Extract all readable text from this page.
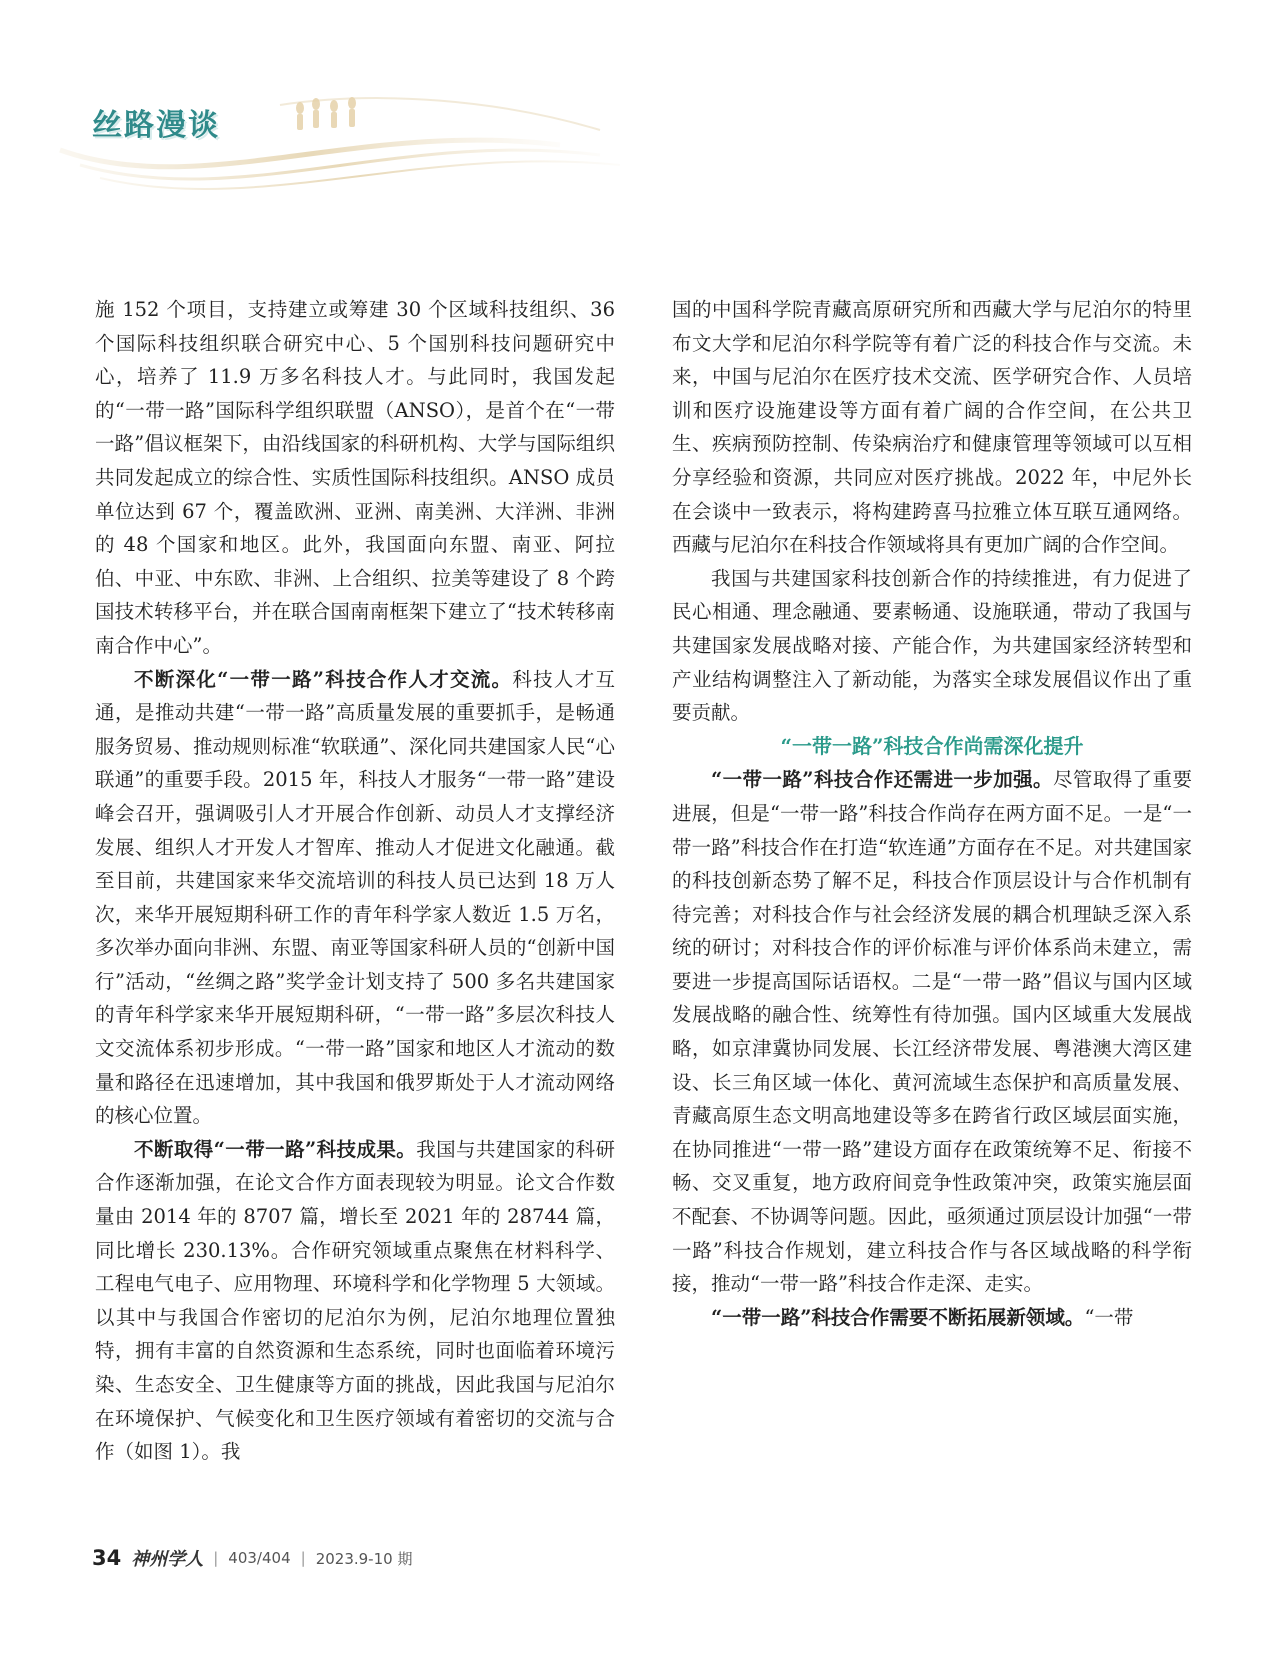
丝路漫谈

施 152 个项目，支持建立或筹建 30 个区域科技组织、36 个国际科技组织联合研究中心、5 个国别科技问题研究中心，培养了 11.9 万多名科技人才。与此同时，我国发起的“一带一路”国际科学组织联盟（ANSO），是首个在“一带一路”倡议框架下，由沿线国家的科研机构、大学与国际组织共同发起成立的综合性、实质性国际科技组织。ANSO 成员单位达到 67 个，覆盖欧洲、亚洲、南美洲、大洋洲、非洲的 48 个国家和地区。此外，我国面向东盟、南亚、阿拉伯、中亚、中东欧、非洲、上合组织、拉美等建设了 8 个跨国技术转移平台，并在联合国南南框架下建立了“技术转移南南合作中心”。

不断深化“一带一路”科技合作人才交流。科技人才互通，是推动共建“一带一路”高质量发展的重要抓手，是畅通服务贸易、推动规则标准“软联通”、深化同共建国家人民“心联通”的重要手段。2015 年，科技人才服务“一带一路”建设峰会召开，强调吸引人才开展合作创新、动员人才支撑经济发展、组织人才开发人才智库、推动人才促进文化融通。截至目前，共建国家来华交流培训的科技人员已达到 18 万人次，来华开展短期科研工作的青年科学家人数近 1.5 万名，多次举办面向非洲、东盟、南亚等国家科研人员的“创新中国行”活动，“丝绸之路”奖学金计划支持了 500 多名共建国家的青年科学家来华开展短期科研，“一带一路”多层次科技人文交流体系初步形成。“一带一路”国家和地区人才流动的数量和路径在迅速增加，其中我国和俄罗斯处于人才流动网络的核心位置。

不断取得“一带一路”科技成果。我国与共建国家的科研合作逐渐加强，在论文合作方面表现较为明显。论文合作数量由 2014 年的 8707 篇，增长至 2021 年的 28744 篇，同比增长 230.13%。合作研究领域重点聚焦在材料科学、工程电气电子、应用物理、环境科学和化学物理 5 大领域。以其中与我国合作密切的尼泊尔为例，尼泊尔地理位置独特，拥有丰富的自然资源和生态系统，同时也面临着环境污染、生态安全、卫生健康等方面的挑战，因此我国与尼泊尔在环境保护、气候变化和卫生医疗领域有着密切的交流与合作（如图 1）。我

国的中国科学院青藏高原研究所和西藏大学与尼泊尔的特里布文大学和尼泊尔科学院等有着广泛的科技合作与交流。未来，中国与尼泊尔在医疗技术交流、医学研究合作、人员培训和医疗设施建设等方面有着广阔的合作空间，在公共卫生、疾病预防控制、传染病治疗和健康管理等领域可以互相分享经验和资源，共同应对医疗挑战。2022 年，中尼外长在会谈中一致表示，将构建跨喜马拉雅立体互联互通网络。西藏与尼泊尔在科技合作领域将具有更加广阔的合作空间。

我国与共建国家科技创新合作的持续推进，有力促进了民心相通、理念融通、要素畅通、设施联通，带动了我国与共建国家发展战略对接、产能合作，为共建国家经济转型和产业结构调整注入了新动能，为落实全球发展倡议作出了重要贡献。

“一带一路”科技合作尚需深化提升

“一带一路”科技合作还需进一步加强。尽管取得了重要进展，但是“一带一路”科技合作尚存在两方面不足。一是“一带一路”科技合作在打造“软连通”方面存在不足。对共建国家的科技创新态势了解不足，科技合作顶层设计与合作机制有待完善；对科技合作与社会经济发展的耦合机理缺乏深入系统的研讨；对科技合作的评价标准与评价体系尚未建立，需要进一步提高国际话语权。二是“一带一路”倡议与国内区域发展战略的融合性、统筹性有待加强。国内区域重大发展战略，如京津冀协同发展、长江经济带发展、粤港澳大湾区建设、长三角区域一体化、黄河流域生态保护和高质量发展、青藏高原生态文明高地建设等多在跨省行政区域层面实施，在协同推进“一带一路”建设方面存在政策统筹不足、衔接不畅、交叉重复，地方政府间竞争性政策冲突，政策实施层面不配套、不协调等问题。因此，亟须通过顶层设计加强“一带一路”科技合作规划，建立科技合作与各区域战略的科学衔接，推动“一带一路”科技合作走深、走实。

“一带一路”科技合作需要不断拓展新领域。“一带

34 神州学人 | 403/404 | 2023.9-10 期
